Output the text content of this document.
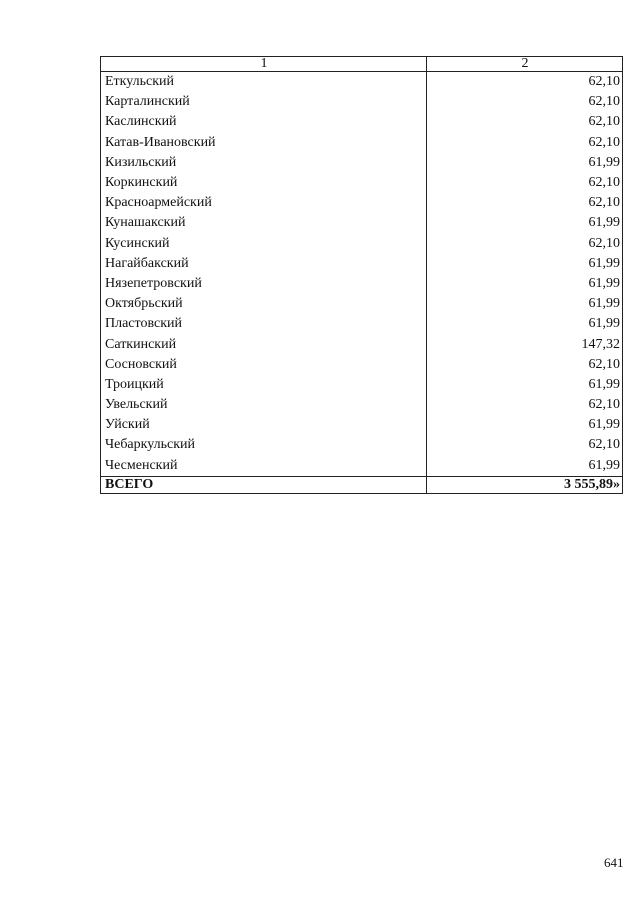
1	2
Еткульский	62,10
Карталинский	62,10
Каслинский	62,10
Катав-Ивановский	62,10
Кизильский	61,99
Коркинский	62,10
Красноармейский	62,10
Кунашакский	61,99
Кусинский	62,10
Нагайбакский	61,99
Нязепетровский	61,99
Октябрьский	61,99
Пластовский	61,99
Саткинский	147,32
Сосновский	62,10
Троицкий	61,99
Увельский	62,10
Уйский	61,99
Чебаркульский	62,10
Чесменский	61,99
ВСЕГО	3 555,89»
641
